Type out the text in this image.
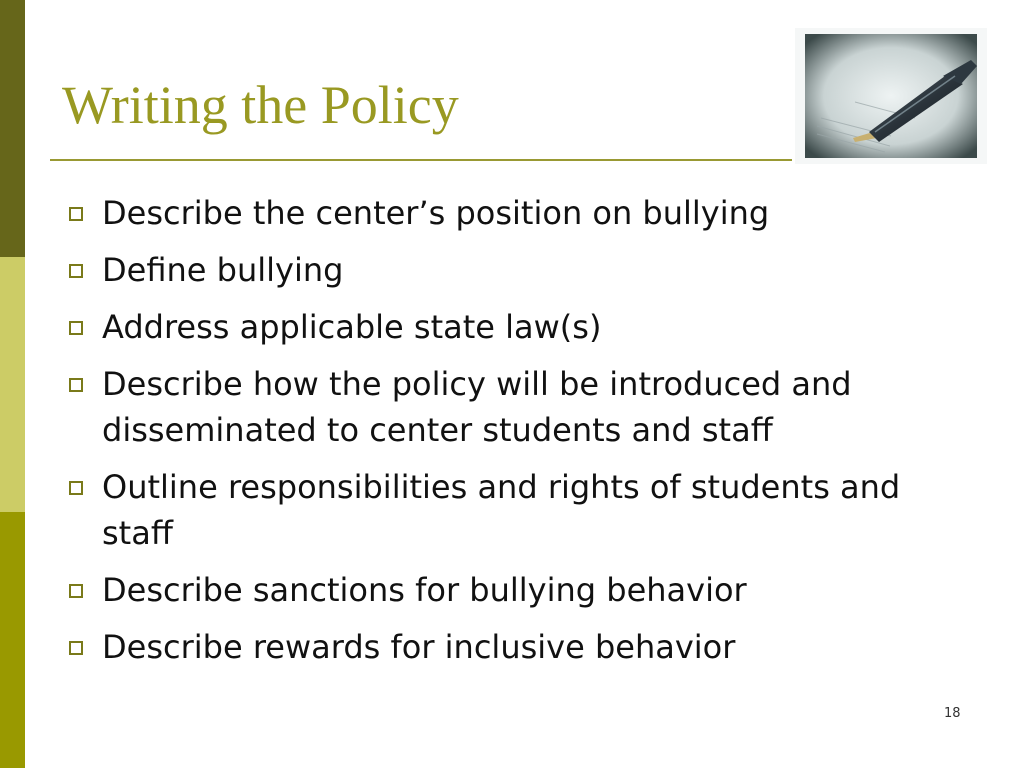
Writing the Policy
Describe the center’s position on bullying
Define bullying
Address applicable state law(s)
Describe how the policy will be introduced and disseminated to center students and staff
Outline responsibilities and rights of students and staff
Describe sanctions for bullying behavior
Describe rewards for inclusive behavior
18
